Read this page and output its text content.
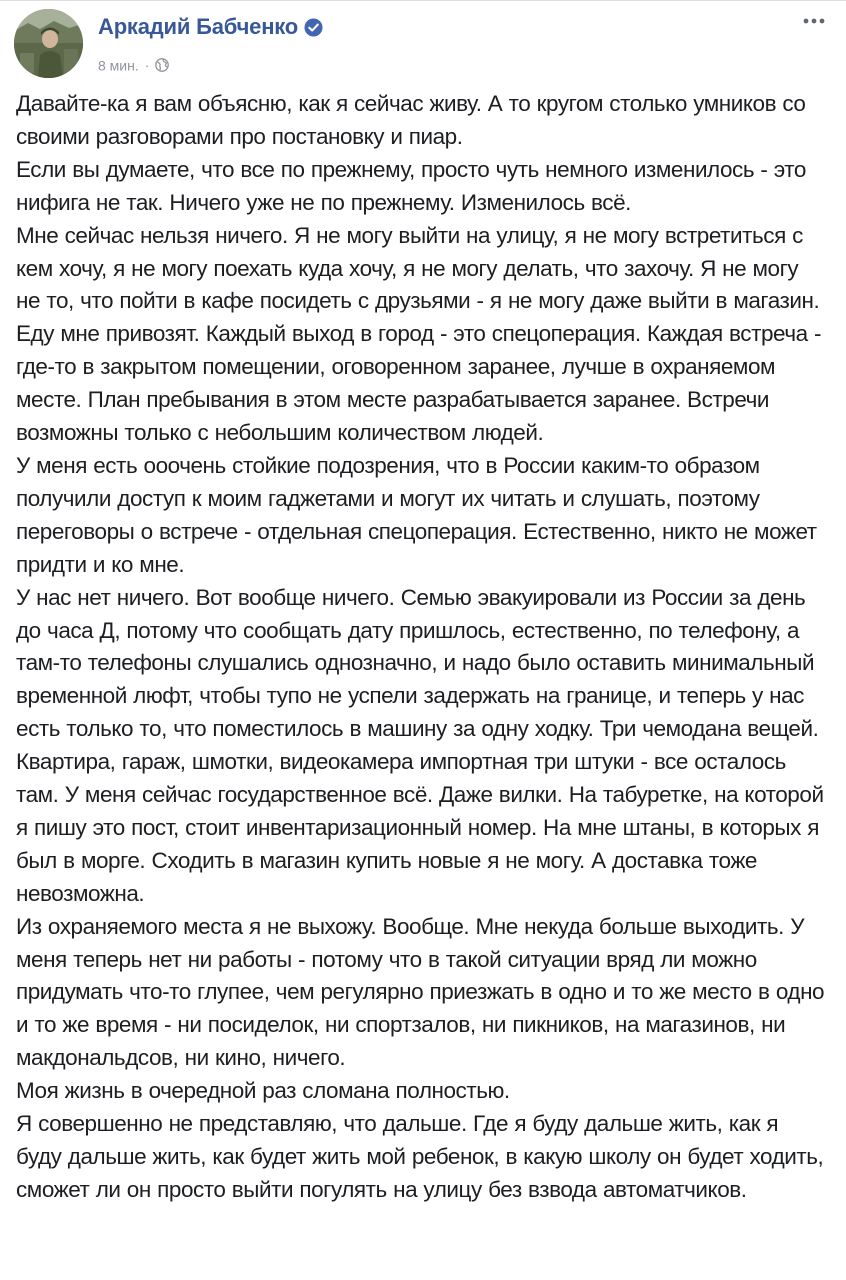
Аркадий Бабченко
8 мин. ·

Давайте-ка я вам объясню, как я сейчас живу. А то кругом столько умников со своими разговорами про постановку и пиар.

Если вы думаете, что все по прежнему, просто чуть немного изменилось - это нифига не так. Ничего уже не по прежнему. Изменилось всё.

Мне сейчас нельзя ничего. Я не могу выйти на улицу, я не могу встретиться с кем хочу, я не могу поехать куда хочу, я не могу делать, что захочу. Я не могу не то, что пойти в кафе посидеть с друзьями - я не могу даже выйти в магазин. Еду мне привозят. Каждый выход в город - это спецоперация. Каждая встреча - где-то в закрытом помещении, оговоренном заранее, лучше в охраняемом месте. План пребывания в этом месте разрабатывается заранее. Встречи возможны только с небольшим количеством людей.

У меня есть ооочень стойкие подозрения, что в России каким-то образом получили доступ к моим гаджетами и могут их читать и слушать, поэтому переговоры о встрече - отдельная спецоперация. Естественно, никто не может придти и ко мне.

У нас нет ничего. Вот вообще ничего. Семью эвакуировали из России за день до часа Д, потому что сообщать дату пришлось, естественно, по телефону, а там-то телефоны слушались однозначно, и надо было оставить минимальный временной люфт, чтобы тупо не успели задержать на границе, и теперь у нас есть только то, что поместилось в машину за одну ходку. Три чемодана вещей. Квартира, гараж, шмотки, видеокамера импортная три штуки - все осталось там. У меня сейчас государственное всё. Даже вилки. На табуретке, на которой я пишу это пост, стоит инвентаризационный номер. На мне штаны, в которых я был в морге. Сходить в магазин купить новые я не могу. А доставка тоже невозможна.

Из охраняемого места я не выхожу. Вообще. Мне некуда больше выходить. У меня теперь нет ни работы - потому что в такой ситуации вряд ли можно придумать что-то глупее, чем регулярно приезжать в одно и то же место в одно и то же время - ни посиделок, ни спортзалов, ни пикников, на магазинов, ни макдональдсов, ни кино, ничего.

Моя жизнь в очередной раз сломана полностью.

Я совершенно не представляю, что дальше. Где я буду дальше жить, как я буду дальше жить, как будет жить мой ребенок, в какую школу он будет ходить, сможет ли он просто выйти погулять на улицу без взвода автоматчиков.
